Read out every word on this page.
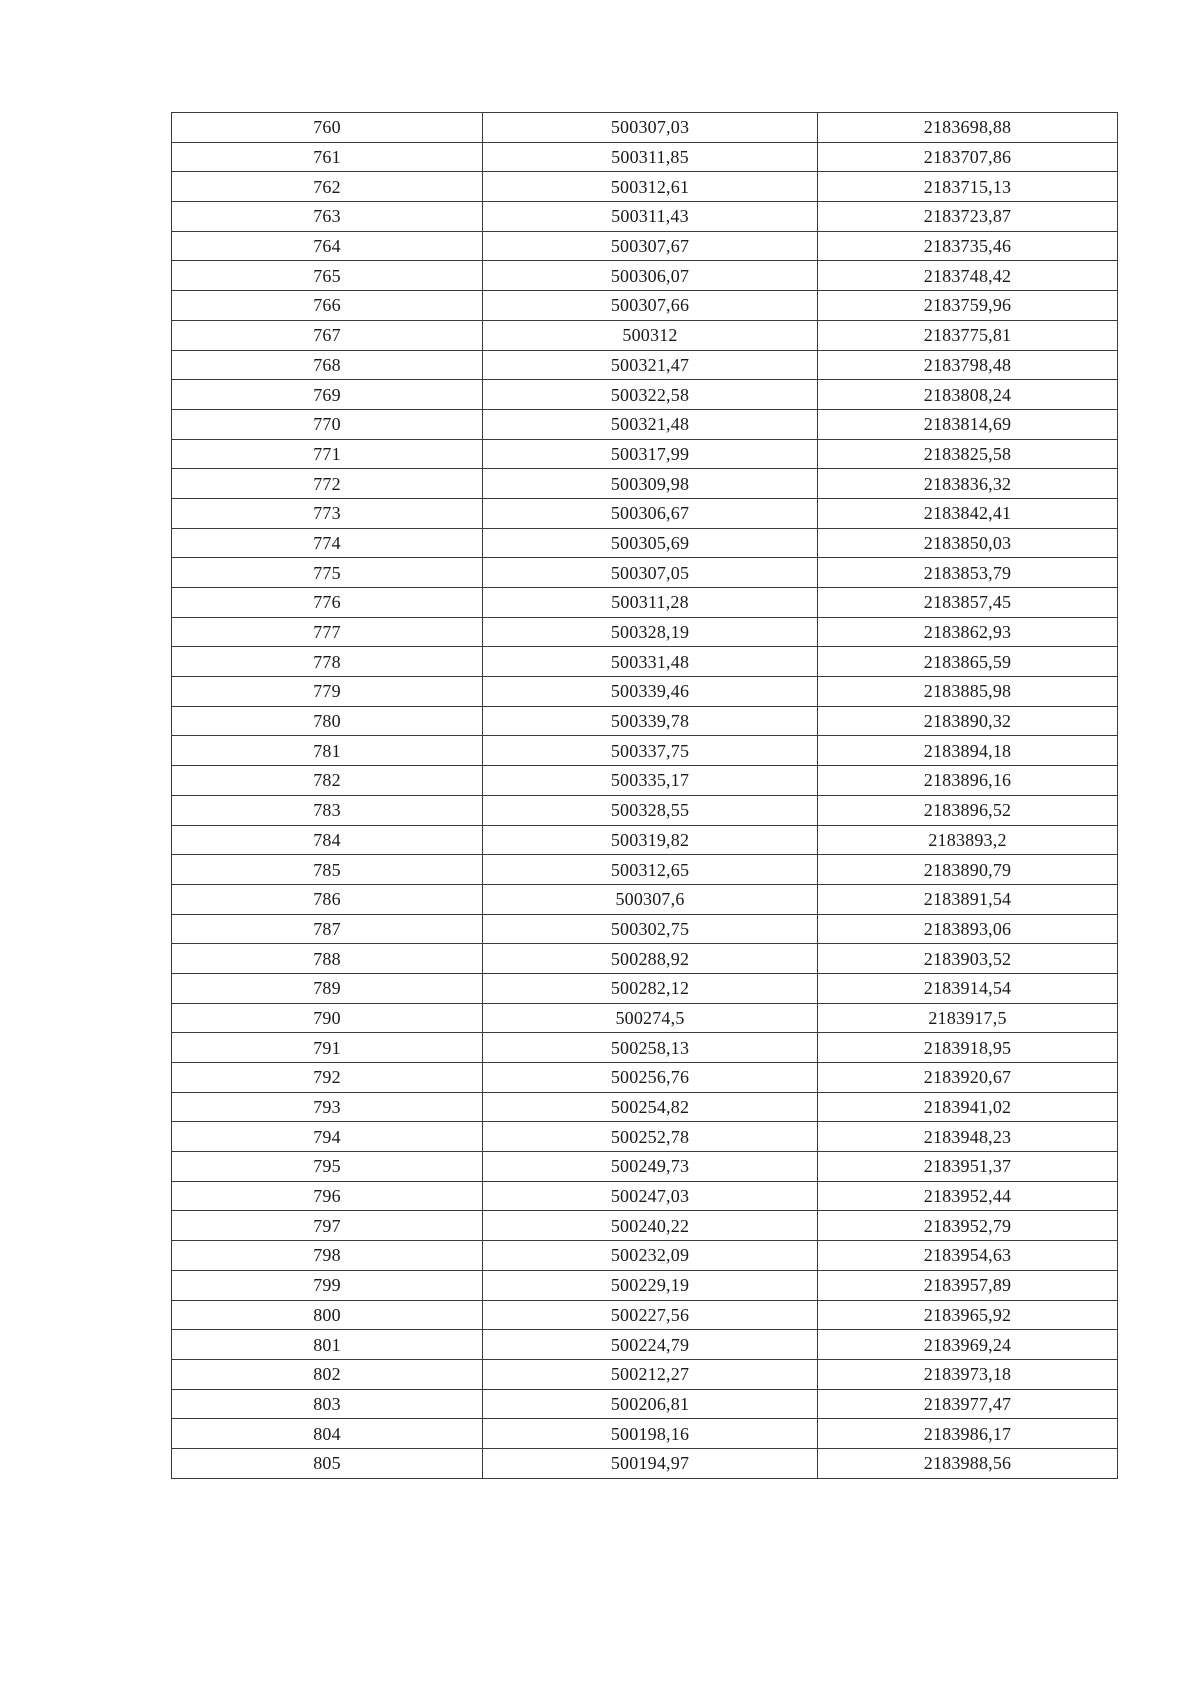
760	500307,03	2183698,88
761	500311,85	2183707,86
762	500312,61	2183715,13
763	500311,43	2183723,87
764	500307,67	2183735,46
765	500306,07	2183748,42
766	500307,66	2183759,96
767	500312	2183775,81
768	500321,47	2183798,48
769	500322,58	2183808,24
770	500321,48	2183814,69
771	500317,99	2183825,58
772	500309,98	2183836,32
773	500306,67	2183842,41
774	500305,69	2183850,03
775	500307,05	2183853,79
776	500311,28	2183857,45
777	500328,19	2183862,93
778	500331,48	2183865,59
779	500339,46	2183885,98
780	500339,78	2183890,32
781	500337,75	2183894,18
782	500335,17	2183896,16
783	500328,55	2183896,52
784	500319,82	2183893,2
785	500312,65	2183890,79
786	500307,6	2183891,54
787	500302,75	2183893,06
788	500288,92	2183903,52
789	500282,12	2183914,54
790	500274,5	2183917,5
791	500258,13	2183918,95
792	500256,76	2183920,67
793	500254,82	2183941,02
794	500252,78	2183948,23
795	500249,73	2183951,37
796	500247,03	2183952,44
797	500240,22	2183952,79
798	500232,09	2183954,63
799	500229,19	2183957,89
800	500227,56	2183965,92
801	500224,79	2183969,24
802	500212,27	2183973,18
803	500206,81	2183977,47
804	500198,16	2183986,17
805	500194,97	2183988,56
